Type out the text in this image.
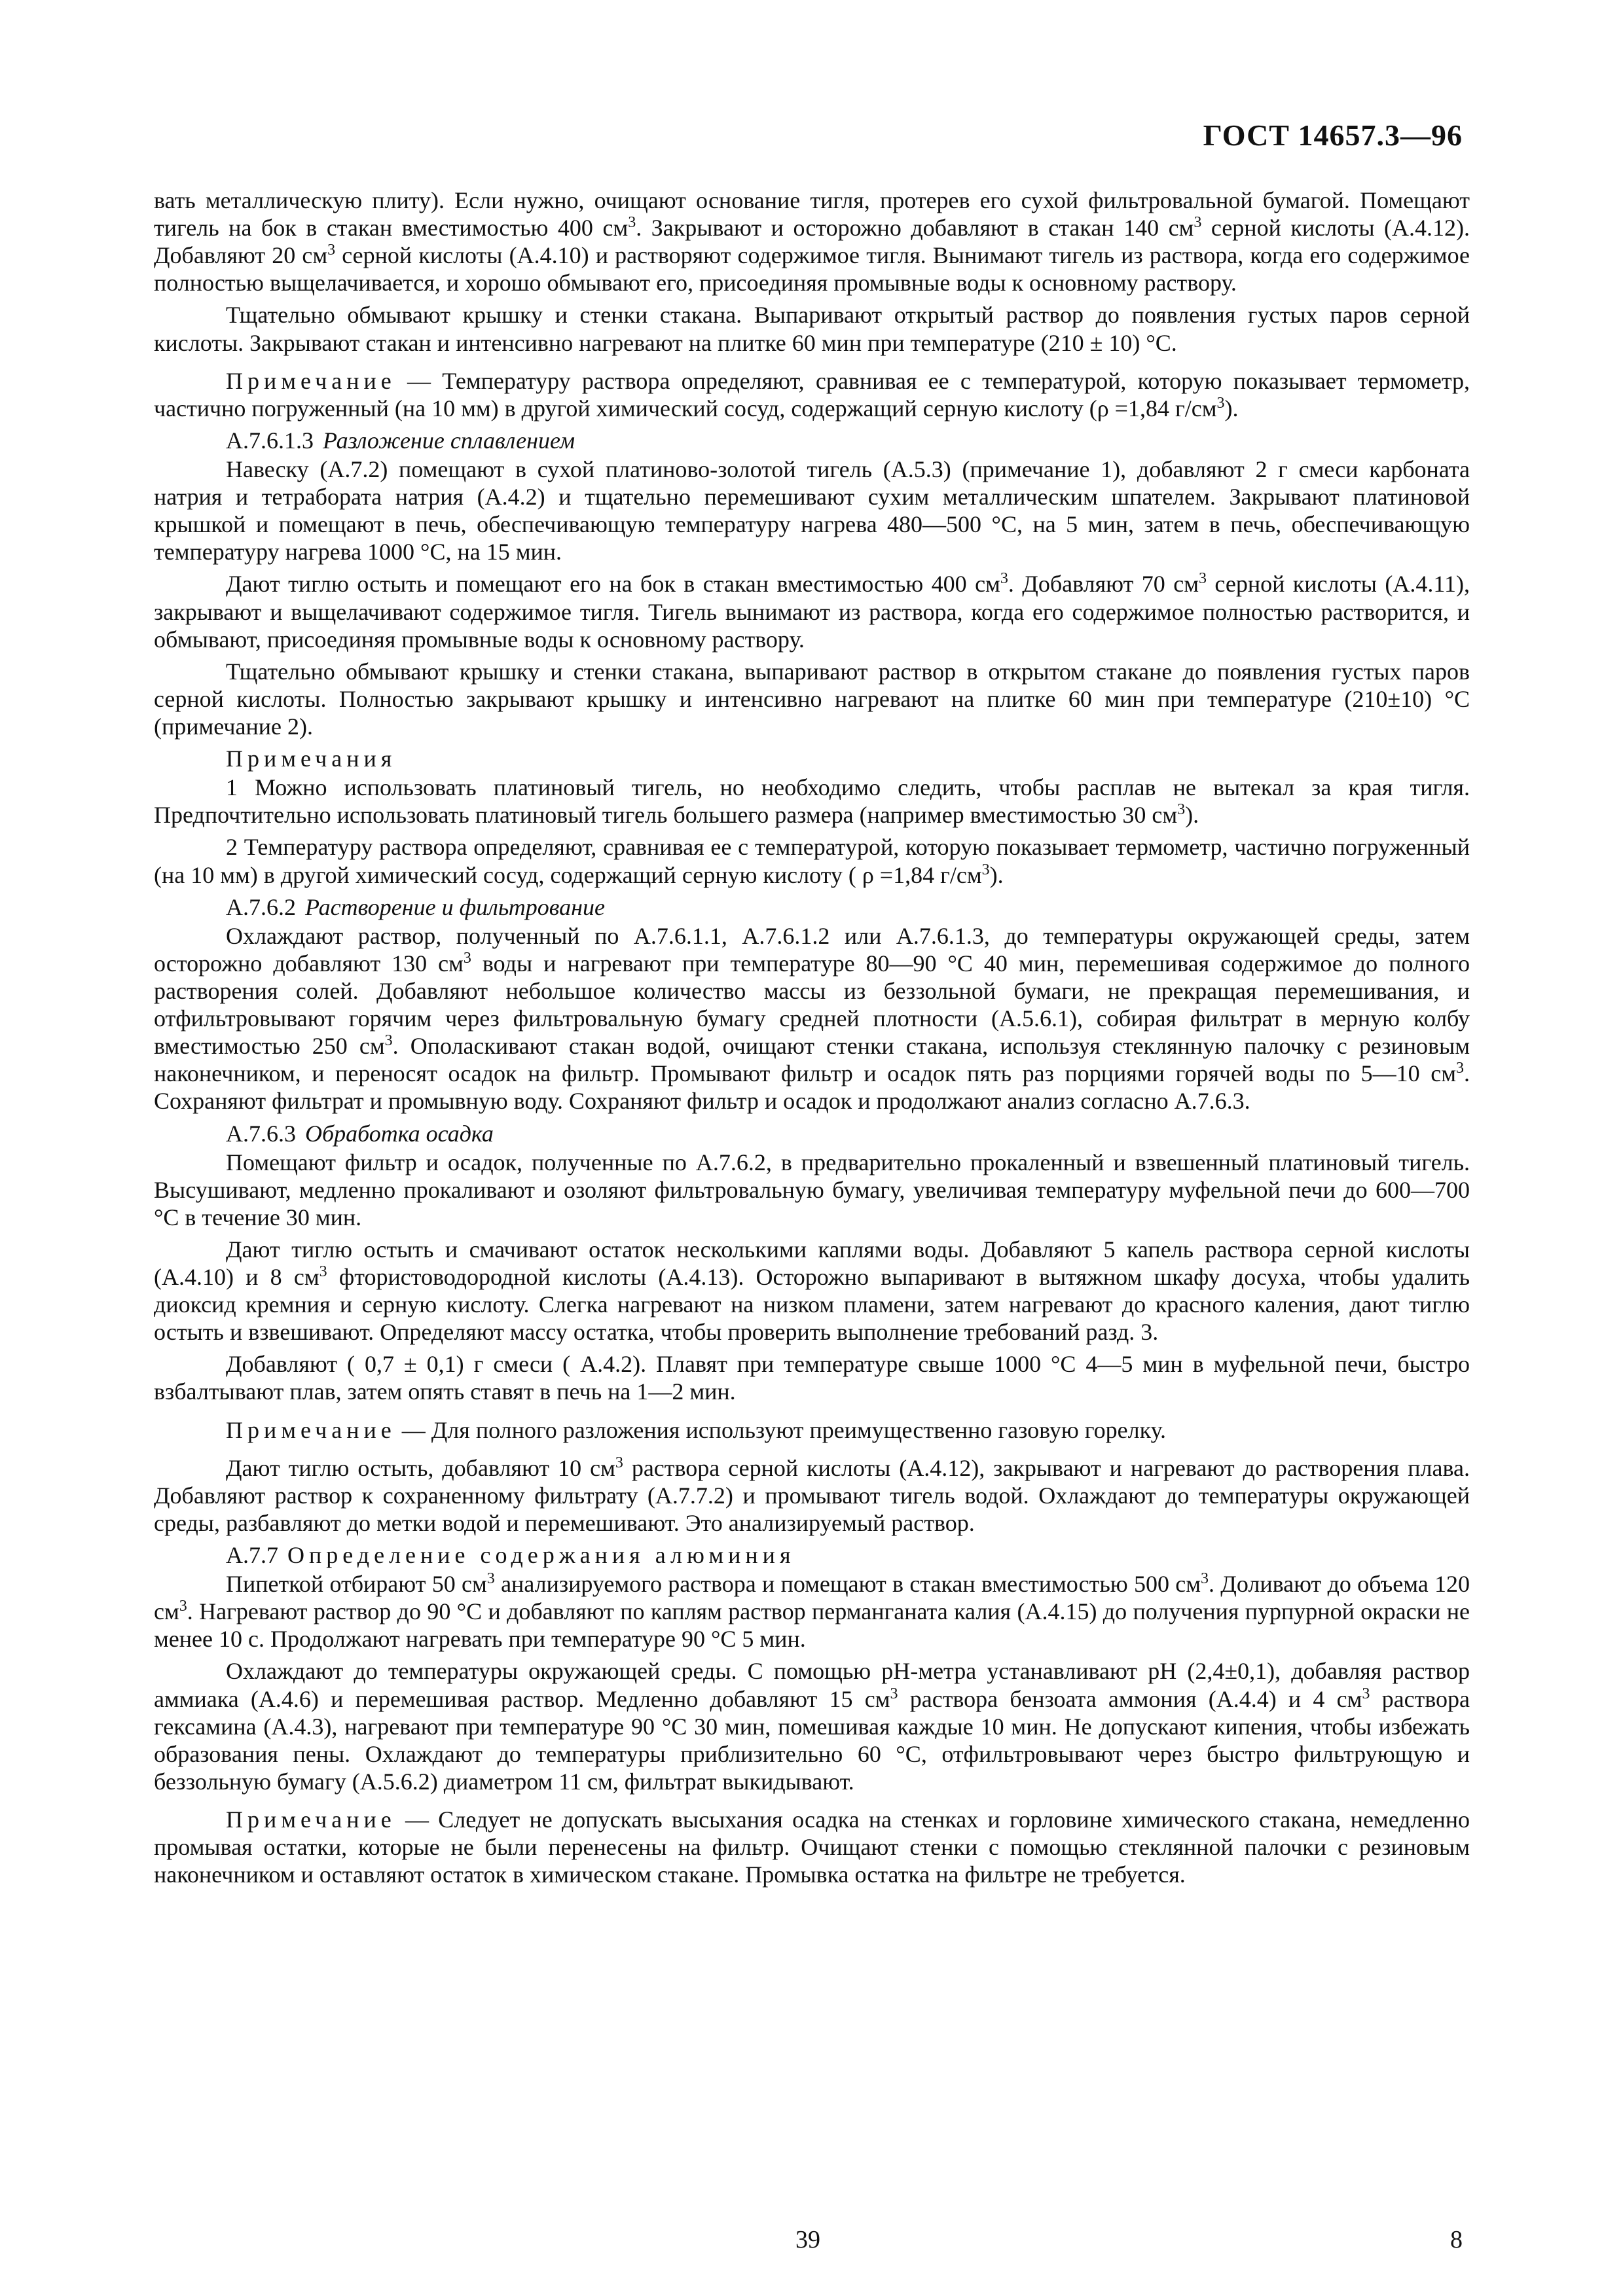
ГОСТ 14657.3—96

вать металлическую плиту). Если нужно, очищают основание тигля, протерев его сухой фильтровальной бумагой. Помещают тигель на бок в стакан вместимостью 400 $см^3$. Закрывают и осторожно добавляют в стакан 140 $см^3$ серной кислоты (А.4.12). Добавляют 20 $см^3$ серной кислоты (А.4.10) и растворяют содержимое тигля. Вынимают тигель из раствора, когда его содержимое полностью выщелачивается, и хорошо обмывают его, присоединяя промывные воды к основному раствору.

Тщательно обмывают крышку и стенки стакана. Выпаривают открытый раствор до появления густых паров серной кислоты. Закрывают стакан и интенсивно нагревают на плитке 60 мин при температуре (210 ± 10) °С.

Примечание — Температуру раствора определяют, сравнивая ее с температурой, которую показывает термометр, частично погруженный (на 10 мм) в другой химический сосуд, содержащий серную кислоту (ρ =1,84 $г/см^3$).

А.7.6.1.3 Разложение сплавлением

Навеску (А.7.2) помещают в сухой платиново-золотой тигель (А.5.3) (примечание 1), добавляют 2 г смеси карбоната натрия и тетрабората натрия (А.4.2) и тщательно перемешивают сухим металлическим шпателем. Закрывают платиновой крышкой и помещают в печь, обеспечивающую температуру нагрева 480—500 °С, на 5 мин, затем в печь, обеспечивающую температуру нагрева 1000 °С, на 15 мин.

Дают тиглю остыть и помещают его на бок в стакан вместимостью 400 $см^3$. Добавляют 70 $см^3$ серной кислоты (А.4.11), закрывают и выщелачивают содержимое тигля. Тигель вынимают из раствора, когда его содержимое полностью растворится, и обмывают, присоединяя промывные воды к основному раствору.

Тщательно обмывают крышку и стенки стакана, выпаривают раствор в открытом стакане до появления густых паров серной кислоты. Полностью закрывают крышку и интенсивно нагревают на плитке 60 мин при температуре (210±10) °С (примечание 2).

Примечания

1 Можно использовать платиновый тигель, но необходимо следить, чтобы расплав не вытекал за края тигля. Предпочтительно использовать платиновый тигель большего размера (например вместимостью 30 $см^3$).

2 Температуру раствора определяют, сравнивая ее с температурой, которую показывает термометр, частично погруженный (на 10 мм) в другой химический сосуд, содержащий серную кислоту ( ρ =1,84 $г/см^3$).

А.7.6.2 Растворение и фильтрование

Охлаждают раствор, полученный по А.7.6.1.1, А.7.6.1.2 или А.7.6.1.3, до температуры окружающей среды, затем осторожно добавляют 130 $см^3$ воды и нагревают при температуре 80—90 °С 40 мин, перемешивая содержимое до полного растворения солей. Добавляют небольшое количество массы из беззольной бумаги, не прекращая перемешивания, и отфильтровывают горячим через фильтровальную бумагу средней плотности (А.5.6.1), собирая фильтрат в мерную колбу вместимостью 250 $см^3$. Ополаскивают стакан водой, очищают стенки стакана, используя стеклянную палочку с резиновым наконечником, и переносят осадок на фильтр. Промывают фильтр и осадок пять раз порциями горячей воды по 5—10 $см^3$. Сохраняют фильтрат и промывную воду. Сохраняют фильтр и осадок и продолжают анализ согласно А.7.6.3.

А.7.6.3 Обработка осадка

Помещают фильтр и осадок, полученные по А.7.6.2, в предварительно прокаленный и взвешенный платиновый тигель. Высушивают, медленно прокаливают и озоляют фильтровальную бумагу, увеличивая температуру муфельной печи до 600—700 °С в течение 30 мин.

Дают тиглю остыть и смачивают остаток несколькими каплями воды. Добавляют 5 капель раствора серной кислоты (А.4.10) и 8 $см^3$ фтористоводородной кислоты (А.4.13). Осторожно выпаривают в вытяжном шкафу досуха, чтобы удалить диоксид кремния и серную кислоту. Слегка нагревают на низком пламени, затем нагревают до красного каления, дают тиглю остыть и взвешивают. Определяют массу остатка, чтобы проверить выполнение требований разд. 3.

Добавляют ( 0,7 ± 0,1) г смеси ( А.4.2). Плавят при температуре свыше 1000 °С 4—5 мин в муфельной печи, быстро взбалтывают плав, затем опять ставят в печь на 1—2 мин.

Примечание — Для полного разложения используют преимущественно газовую горелку.

Дают тиглю остыть, добавляют 10 $см^3$ раствора серной кислоты (А.4.12), закрывают и нагревают до растворения плава. Добавляют раствор к сохраненному фильтрату (А.7.7.2) и промывают тигель водой. Охлаждают до температуры окружающей среды, разбавляют до метки водой и перемешивают. Это анализируемый раствор.

А.7.7 Определение содержания алюминия

Пипеткой отбирают 50 $см^3$ анализируемого раствора и помещают в стакан вместимостью 500 $см^3$. Доливают до объема 120 $см^3$. Нагревают раствор до 90 °С и добавляют по каплям раствор перманганата калия (А.4.15) до получения пурпурной окраски не менее 10 с. Продолжают нагревать при температуре 90 °С 5 мин.

Охлаждают до температуры окружающей среды. С помощью рН-метра устанавливают рН (2,4±0,1), добавляя раствор аммиака (А.4.6) и перемешивая раствор. Медленно добавляют 15 $см^3$ раствора бензоата аммония (А.4.4) и 4 $см^3$ раствора гексамина (А.4.3), нагревают при температуре 90 °С 30 мин, помешивая каждые 10 мин. Не допускают кипения, чтобы избежать образования пены. Охлаждают до температуры приблизительно 60 °С, отфильтровывают через быстро фильтрующую и беззольную бумагу (А.5.6.2) диаметром 11 см, фильтрат выкидывают.

Примечание — Следует не допускать высыхания осадка на стенках и горловине химического стакана, немедленно промывая остатки, которые не были перенесены на фильтр. Очищают стенки с помощью стеклянной палочки с резиновым наконечником и оставляют остаток в химическом стакане. Промывка остатка на фильтре не требуется.

39	8
